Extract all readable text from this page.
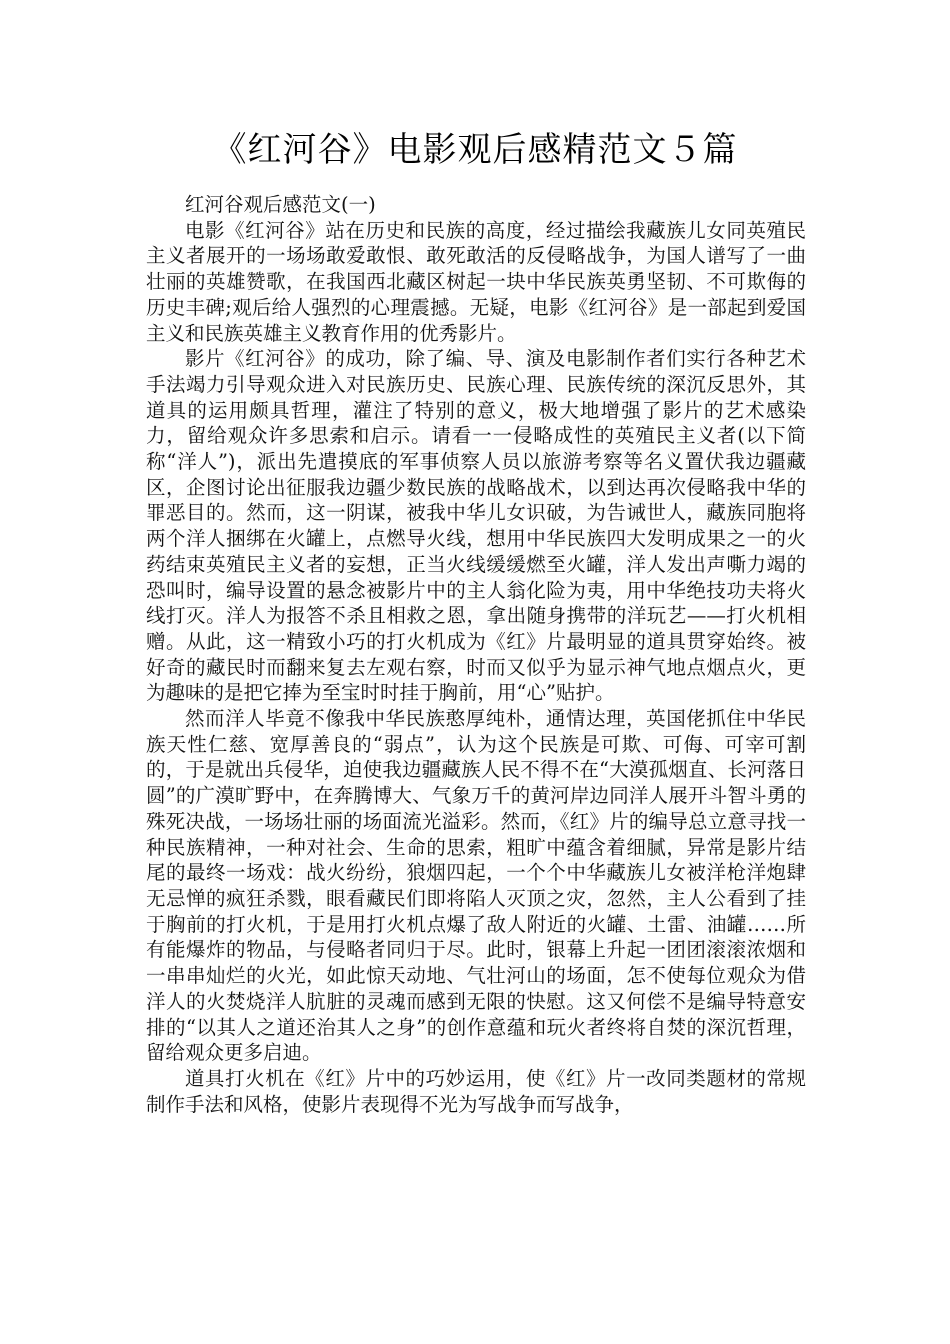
《红河谷》电影观后感精范文５篇

红河谷观后感范文(一)

电影《红河谷》站在历史和民族的高度，经过描绘我藏族儿女同英殖民主义者展开的一场场敢爱敢恨、敢死敢活的反侵略战争，为国人谱写了一曲壮丽的英雄赞歌，在我国西北藏区树起一块中华民族英勇坚韧、不可欺侮的历史丰碑;观后给人强烈的心理震撼。无疑，电影《红河谷》是一部起到爱国主义和民族英雄主义教育作用的优秀影片。

影片《红河谷》的成功，除了编、导、演及电影制作者们实行各种艺术手法竭力引导观众进入对民族历史、民族心理、民族传统的深沉反思外，其道具的运用颇具哲理，灌注了特别的意义，极大地增强了影片的艺术感染力，留给观众许多思索和启示。请看一一侵略成性的英殖民主义者(以下简称“洋人”)，派出先遣摸底的军事侦察人员以旅游考察等名义置伏我边疆藏区，企图讨论出征服我边疆少数民族的战略战术，以到达再次侵略我中华的罪恶目的。然而，这一阴谋，被我中华儿女识破，为告诫世人，藏族同胞将两个洋人捆绑在火罐上，点燃导火线，想用中华民族四大发明成果之一的火药结束英殖民主义者的妄想，正当火线缓缓燃至火罐，洋人发出声嘶力竭的恐叫时，编导设置的悬念被影片中的主人翁化险为夷，用中华绝技功夫将火线打灭。洋人为报答不杀且相救之恩，拿出随身携带的洋玩艺——打火机相赠。从此，这一精致小巧的打火机成为《红》片最明显的道具贯穿始终。被好奇的藏民时而翻来复去左观右察，时而又似乎为显示神气地点烟点火，更为趣味的是把它捧为至宝时时挂于胸前，用“心”贴护。

然而洋人毕竟不像我中华民族憨厚纯朴，通情达理，英国佬抓住中华民族天性仁慈、宽厚善良的“弱点”，认为这个民族是可欺、可侮、可宰可割的，于是就出兵侵华，迫使我边疆藏族人民不得不在“大漠孤烟直、长河落日圆”的广漠旷野中，在奔腾博大、气象万千的黄河岸边同洋人展开斗智斗勇的殊死决战，一场场壮丽的场面流光溢彩。然而，《红》片的编导总立意寻找一种民族精神，一种对社会、生命的思索，粗旷中蕴含着细腻，异常是影片结尾的最终一场戏：战火纷纷，狼烟四起，一个个中华藏族儿女被洋枪洋炮肆无忌惮的疯狂杀戮，眼看藏民们即将陷人灭顶之灾，忽然，主人公看到了挂于胸前的打火机，于是用打火机点爆了敌人附近的火罐、土雷、油罐……所有能爆炸的物品，与侵略者同归于尽。此时，银幕上升起一团团滚滚浓烟和一串串灿烂的火光，如此惊天动地、气壮河山的场面，怎不使每位观众为借洋人的火焚烧洋人肮脏的灵魂而感到无限的快慰。这又何偿不是编导特意安排的“以其人之道还治其人之身”的创作意蕴和玩火者终将自焚的深沉哲理，留给观众更多启迪。

道具打火机在《红》片中的巧妙运用，使《红》片一改同类题材的常规制作手法和风格，使影片表现得不光为写战争而写战争，
